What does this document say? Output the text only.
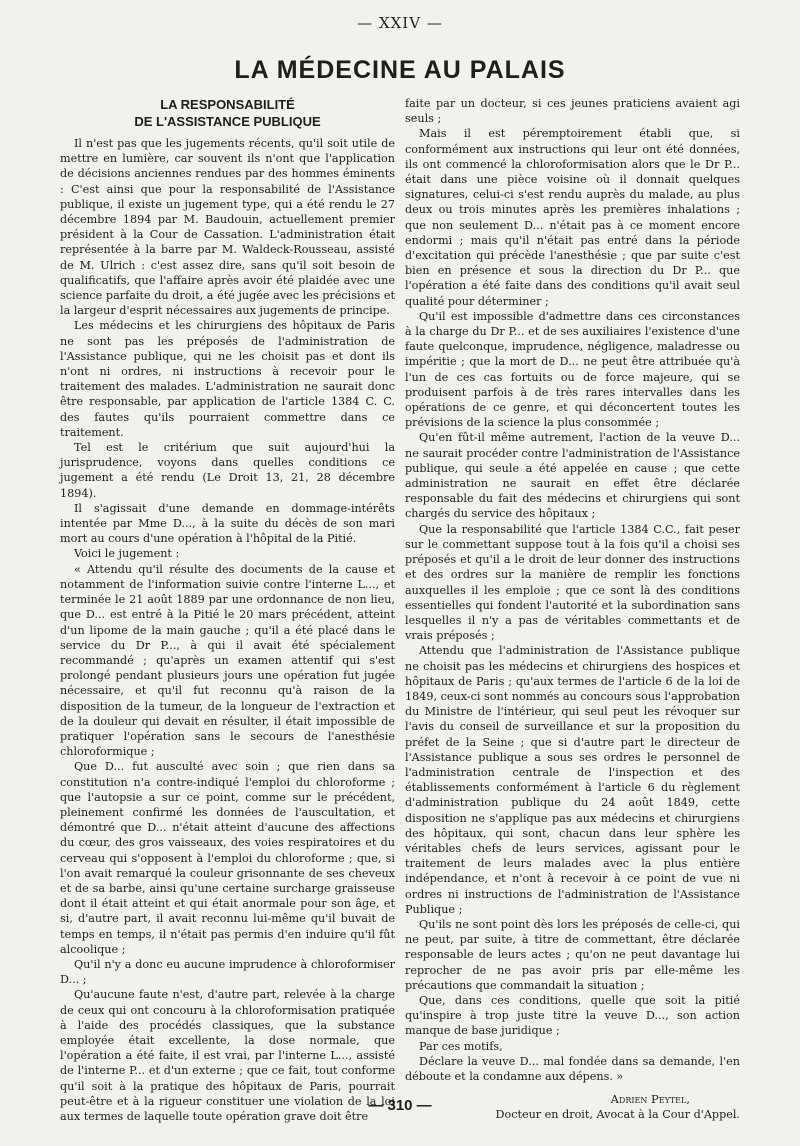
— XXIV —
LA MÉDECINE AU PALAIS
LA RESPONSABILITÉ
DE L'ASSISTANCE PUBLIQUE

Il n'est pas que les jugements récents, qu'il soit utile de mettre en lumière, car souvent ils n'ont que l'application de décisions anciennes rendues par des hommes éminents : C'est ainsi que pour la responsabilité de l'Assistance publique, il existe un jugement type, qui a été rendu le 27 décembre 1894 par M. Baudouin, actuellement premier président à la Cour de Cassation. L'administration était représentée à la barre par M. Waldeck-Rousseau, assisté de M. Ulrich : c'est assez dire, sans qu'il soit besoin de qualificatifs, que l'affaire après avoir été plaidée avec une science parfaite du droit, a été jugée avec les précisions et la largeur d'esprit nécessaires aux jugements de principe.

Les médecins et les chirurgiens des hôpitaux de Paris ne sont pas les préposés de l'administration de l'Assistance publique, qui ne les choisit pas et dont ils n'ont ni ordres, ni instructions à recevoir pour le traitement des malades. L'administration ne saurait donc être responsable, par application de l'article 1384 C. C. des fautes qu'ils pourraient commettre dans ce traitement.

Tel est le critérium que suit aujourd'hui la jurisprudence, voyons dans quelles conditions ce jugement a été rendu (Le Droit 13, 21, 28 décembre 1894).

Il s'agissait d'une demande en dommage-intérêts intentée par Mme D..., à la suite du décès de son mari mort au cours d'une opération à l'hôpital de la Pitié.

Voici le jugement :

« Attendu qu'il résulte des documents de la cause et notamment de l'information suivie contre l'interne L..., et terminée le 21 août 1889 par une ordonnance de non lieu, que D... est entré à la Pitié le 20 mars précédent, atteint d'un lipome de la main gauche ; qu'il a été placé dans le service du Dr P..., à qui il avait été spécialement recommandé ; qu'après un examen attentif qui s'est prolongé pendant plusieurs jours une opération fut jugée nécessaire, et qu'il fut reconnu qu'à raison de la disposition de la tumeur, de la longueur de l'extraction et de la douleur qui devait en résulter, il était impossible de pratiquer l'opération sans le secours de l'anesthésie chloroformique ;

Que D... fut ausculté avec soin ; que rien dans sa constitution n'a contre-indiqué l'emploi du chloroforme ; que l'autopsie a sur ce point, comme sur le précédent, pleinement confirmé les données de l'auscultation, et démontré que D... n'était atteint d'aucune des affections du cœur, des gros vaisseaux, des voies respiratoires et du cerveau qui s'opposent à l'emploi du chloroforme ; que, si l'on avait remarqué la couleur grisonnante de ses cheveux et de sa barbe, ainsi qu'une certaine surcharge graisseuse dont il était atteint et qui était anormale pour son âge, et si, d'autre part, il avait reconnu lui-même qu'il buvait de temps en temps, il n'était pas permis d'en induire qu'il fût alcoolique ;

Qu'il n'y a donc eu aucune imprudence à chloroformiser D... ;

Qu'aucune faute n'est, d'autre part, relevée à la charge de ceux qui ont concouru à la chloroformisation pratiquée à l'aide des procédés classiques, que la substance employée était excellente, la dose normale, que l'opération a été faite, il est vrai, par l'interne L..., assisté de l'interne P... et d'un externe ; que ce fait, tout conforme qu'il soit à la pratique des hôpitaux de Paris, pourrait peut-être et à la rigueur constituer une violation de la loi aux termes de laquelle toute opération grave doit être

faite par un docteur, si ces jeunes praticiens avaient agi seuls ;

Mais il est péremptoirement établi que, si conformément aux instructions qui leur ont été données, ils ont commencé la chloroformisation alors que le Dr P... était dans une pièce voisine où il donnait quelques signatures, celui-ci s'est rendu auprès du malade, au plus deux ou trois minutes après les premières inhalations ; que non seulement D... n'était pas à ce moment encore endormi ; mais qu'il n'était pas entré dans la période d'excitation qui précède l'anesthésie ; que par suite c'est bien en présence et sous la direction du Dr P... que l'opération a été faite dans des conditions qu'il avait seul qualité pour déterminer ;

Qu'il est impossible d'admettre dans ces circonstances à la charge du Dr P... et de ses auxiliaires l'existence d'une faute quelconque, imprudence, négligence, maladresse ou impéritie ; que la mort de D... ne peut être attribuée qu'à l'un de ces cas fortuits ou de force majeure, qui se produisent parfois à de très rares intervalles dans les opérations de ce genre, et qui déconcertent toutes les prévisions de la science la plus consommée ;

Qu'en fût-il même autrement, l'action de la veuve D... ne saurait procéder contre l'administration de l'Assistance publique, qui seule a été appelée en cause ; que cette administration ne saurait en effet être déclarée responsable du fait des médecins et chirurgiens qui sont chargés du service des hôpitaux ;

Que la responsabilité que l'article 1384 C.C., fait peser sur le commettant suppose tout à la fois qu'il a choisi ses préposés et qu'il a le droit de leur donner des instructions et des ordres sur la manière de remplir les fonctions auxquelles il les emploie ; que ce sont là des conditions essentielles qui fondent l'autorité et la subordination sans lesquelles il n'y a pas de véritables commettants et de vrais préposés ;

Attendu que l'administration de l'Assistance publique ne choisit pas les médecins et chirurgiens des hospices et hôpitaux de Paris ; qu'aux termes de l'article 6 de la loi de 1849, ceux-ci sont nommés au concours sous l'approbation du Ministre de l'intérieur, qui seul peut les révoquer sur l'avis du conseil de surveillance et sur la proposition du préfet de la Seine ; que si d'autre part le directeur de l'Assistance publique a sous ses ordres le personnel de l'administration centrale de l'inspection et des établissements conformément à l'article 6 du règlement d'administration publique du 24 août 1849, cette disposition ne s'applique pas aux médecins et chirurgiens des hôpitaux, qui sont, chacun dans leur sphère les véritables chefs de leurs services, agissant pour le traitement de leurs malades avec la plus entière indépendance, et n'ont à recevoir à ce point de vue ni ordres ni instructions de l'administration de l'Assistance Publique ;

Qu'ils ne sont point dès lors les préposés de celle-ci, qui ne peut, par suite, à titre de commettant, être déclarée responsable de leurs actes ; qu'on ne peut davantage lui reprocher de ne pas avoir pris par elle-même les précautions que commandait la situation ;

Que, dans ces conditions, quelle que soit la pitié qu'inspire à trop juste titre la veuve D..., son action manque de base juridique ;

Par ces motifs,

Déclare la veuve D... mal fondée dans sa demande, l'en déboute et la condamne aux dépens. »

Adrien Peytel,
Docteur en droit, Avocat à la Cour d'Appel.
— 310 —
